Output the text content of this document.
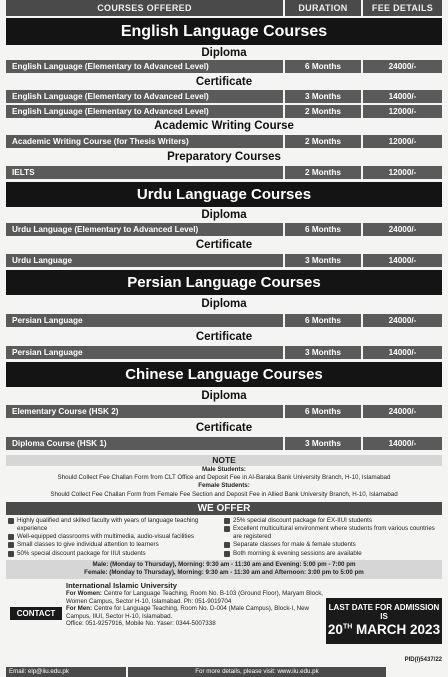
COURSES OFFERED	DURATION	FEE DETAILS
English Language Courses
Diploma
English Language (Elementary to Advanced Level)	6 Months	24000/-
Certificate
English Language (Elementary to Advanced Level)	3 Months	14000/-
English Language (Elementary to Advanced Level)	2 Months	12000/-
Academic Writing Course
Academic Writing Course (for Thesis Writers)	2 Months	12000/-
Preparatory Courses
IELTS	2 Months	12000/-
Urdu Language Courses
Diploma
Urdu Language (Elementary to Advanced Level)	6 Months	24000/-
Certificate
Urdu Language	3 Months	14000/-
Persian Language Courses
Diploma
Persian Language	6 Months	24000/-
Certificate
Persian Language	3 Months	14000/-
Chinese Language Courses
Diploma
Elementary Course (HSK 2)	6 Months	24000/-
Certificate
Diploma Course (HSK 1)	3 Months	14000/-
NOTE
Male Students:
Should Collect Fee Challan Form from CLT Office and Deposit Fee in Al-Baraka Bank University Branch, H-10, Islamabad
Female Students:
Should Collect Fee Challan Form from Female Fee Section and Deposit Fee in Allied Bank University Branch, H-10, Islamabad
WE OFFER
Highly qualified and skilled faculty with years of language teaching experience
Well-equipped classrooms with multimedia, audio-visual facilities
Small classes to give individual attention to learners
50% special discount package for IIUI students
25% special discount package for EX-IIUI students
Excellent multicultural environment where students from various countries are registered
Separate classes for male & female students
Both morning & evening sessions are available
Male: (Monday to Thursday), Morning: 9:30 am - 11:30 am and Evening: 5:00 pm - 7:00 pm
Female: (Monday to Thursday), Morning: 9:30 am - 11:30 am and Afternoon: 3:00 pm to 5:00 pm
CONTACT
International Islamic University
For Women: Centre for Language Teaching, Room No. B-103 (Ground Floor), Maryam Block, Women Campus, Sector H-10, Islamabad. Ph: 051-9019704
For Men: Centre for Language Teaching, Room No. D-004 (Male Campus), Block-I, New Campus, IIUI, Sector H-10, Islamabad.
Office: 051-9257916, Mobile No. Yaser: 0344-5007338
LAST DATE FOR ADMISSION IS
20TH MARCH 2023
Email: elp@iiu.edu.pk	For more details, please visit: www.iiu.edu.pk
PID(I)5437/22
